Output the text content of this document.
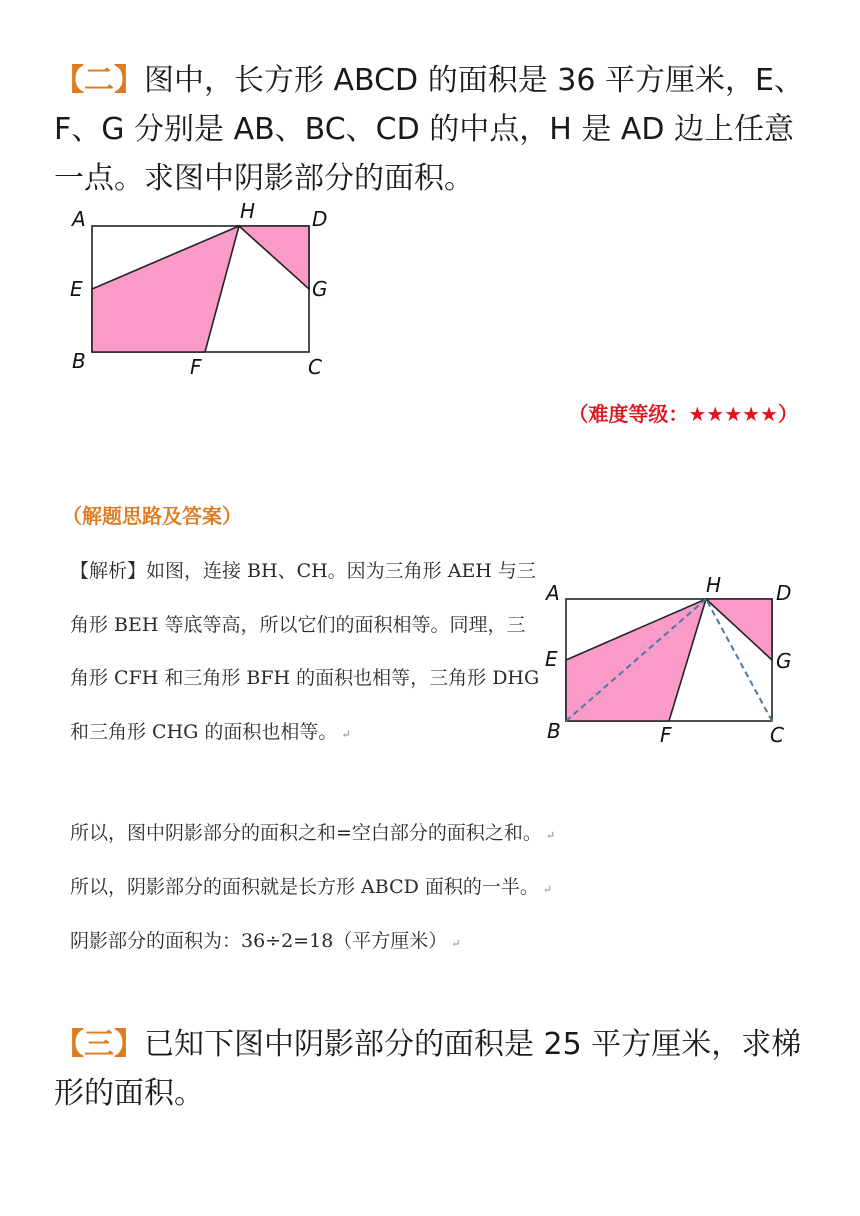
【二】图中，长方形 ABCD 的面积是 36 平方厘米，E、F、G 分别是 AB、BC、CD 的中点，H 是 AD 边上任意一点。求图中阴影部分的面积。

A	H	D
E	G
B	F	C
（难度等级：★★★★★）
（解题思路及答案）
【解析】如图，连接 BH、CH。因为三角形 AEH 与三角形 BEH 等底等高，所以它们的面积相等。同理，三角形 CFH 和三角形 BFH 的面积也相等，三角形 DHG 和三角形 CHG 的面积也相等。 ↵
A	H	D
E	G
B	F	C
所以，图中阴影部分的面积之和=空白部分的面积之和。 ↵
所以，阴影部分的面积就是长方形 ABCD 面积的一半。 ↵
阴影部分的面积为：36÷2=18（平方厘米） ↵

【三】已知下图中阴影部分的面积是 25 平方厘米，求梯形的面积。
